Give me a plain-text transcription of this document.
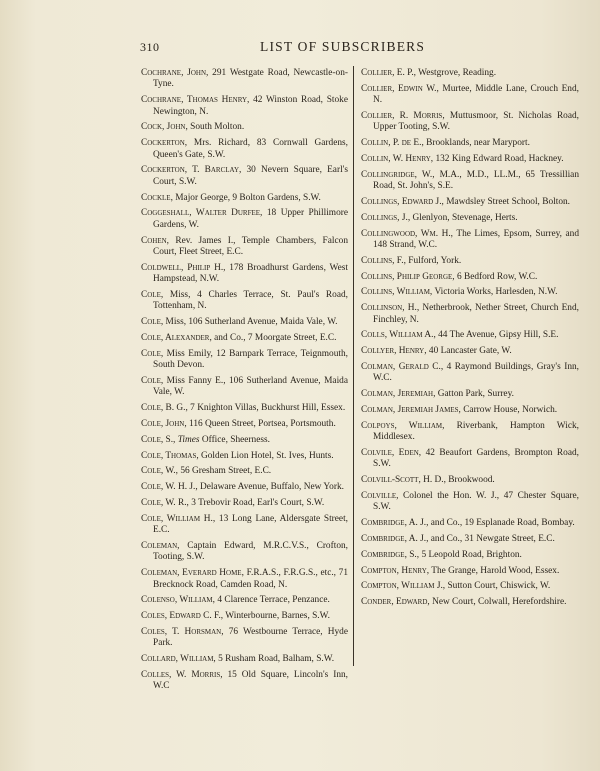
310	LIST OF SUBSCRIBERS

Cochrane, John, 291 Westgate Road, Newcastle-on-Tyne.

Cochrane, Thomas Henry, 42 Winston Road, Stoke Newington, N.

Cock, John, South Molton.

Cockerton, Mrs. Richard, 83 Cornwall Gardens, Queen's Gate, S.W.

Cockerton, T. Barclay, 30 Nevern Square, Earl's Court, S.W.

Cockle, Major George, 9 Bolton Gardens, S.W.

Coggeshall, Walter Durfee, 18 Upper Phillimore Gardens, W.

Cohen, Rev. James I., Temple Chambers, Falcon Court, Fleet Street, E.C.

Coldwell, Philip H., 178 Broadhurst Gardens, West Hampstead, N.W.

Cole, Miss, 4 Charles Terrace, St. Paul's Road, Tottenham, N.

Cole, Miss, 106 Sutherland Avenue, Maida Vale, W.

Cole, Alexander, and Co., 7 Moorgate Street, E.C.

Cole, Miss Emily, 12 Barnpark Terrace, Teignmouth, South Devon.

Cole, Miss Fanny E., 106 Sutherland Avenue, Maida Vale, W.

Cole, B. G., 7 Knighton Villas, Buckhurst Hill, Essex.

Cole, John, 116 Queen Street, Portsea, Portsmouth.

Cole, S., Times Office, Sheerness.

Cole, Thomas, Golden Lion Hotel, St. Ives, Hunts.

Cole, W., 56 Gresham Street, E.C.

Cole, W. H. J., Delaware Avenue, Buffalo, New York.

Cole, W. R., 3 Trebovir Road, Earl's Court, S.W.

Cole, William H., 13 Long Lane, Aldersgate Street, E.C.

Coleman, Captain Edward, M.R.C.V.S., Crofton, Tooting, S.W.

Coleman, Everard Home, F.R.A.S., F.R.G.S., etc., 71 Brecknock Road, Camden Road, N.

Colenso, William, 4 Clarence Terrace, Penzance.

Coles, Edward C. F., Winterbourne, Barnes, S.W.

Coles, T. Horsman, 76 Westbourne Terrace, Hyde Park.

Collard, William, 5 Rusham Road, Balham, S.W.

Colles, W. Morris, 15 Old Square, Lincoln's Inn, W.C

Collier, E. P., Westgrove, Reading.

Collier, Edwin W., Murtee, Middle Lane, Crouch End, N.

Collier, R. Morris, Muttusmoor, St. Nicholas Road, Upper Tooting, S.W.

Collin, P. de E., Brooklands, near Maryport.

Collin, W. Henry, 132 King Edward Road, Hackney.

Collingridge, W., M.A., M.D., LL.M., 65 Tressillian Road, St. John's, S.E.

Collings, Edward J., Mawdsley Street School, Bolton.

Collings, J., Glenlyon, Stevenage, Herts.

Collingwood, Wm. H., The Limes, Epsom, Surrey, and 148 Strand, W.C.

Collins, F., Fulford, York.

Collins, Philip George, 6 Bedford Row, W.C.

Collins, William, Victoria Works, Harlesden, N.W.

Collinson, H., Netherbrook, Nether Street, Church End, Finchley, N.

Colls, William A., 44 The Avenue, Gipsy Hill, S.E.

Collyer, Henry, 40 Lancaster Gate, W.

Colman, Gerald C., 4 Raymond Buildings, Gray's Inn, W.C.

Colman, Jeremiah, Gatton Park, Surrey.

Colman, Jeremiah James, Carrow House, Norwich.

Colpoys, William, Riverbank, Hampton Wick, Middlesex.

Colvile, Eden, 42 Beaufort Gardens, Brompton Road, S.W.

Colvill-Scott, H. D., Brookwood.

Colville, Colonel the Hon. W. J., 47 Chester Square, S.W.

Combridge, A. J., and Co., 19 Esplanade Road, Bombay.

Combridge, A. J., and Co., 31 Newgate Street, E.C.

Combridge, S., 5 Leopold Road, Brighton.

Compton, Henry, The Grange, Harold Wood, Essex.

Compton, William J., Sutton Court, Chiswick, W.

Conder, Edward, New Court, Colwall, Herefordshire.
